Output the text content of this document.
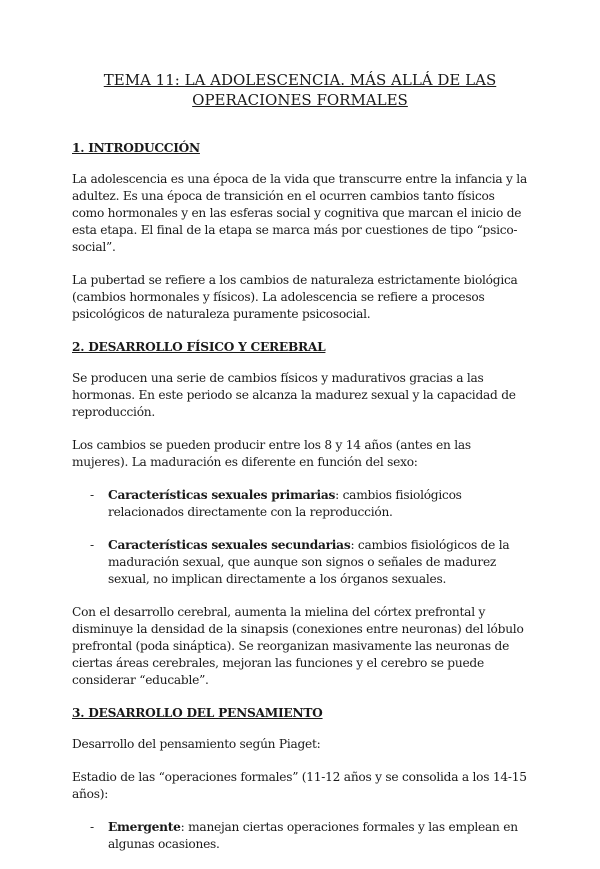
TEMA 11: LA ADOLESCENCIA. MÁS ALLÁ DE LAS
OPERACIONES FORMALES
1. INTRODUCCIÓN

La adolescencia es una época de la vida que transcurre entre la infancia y la adultez. Es una época de transición en el ocurren cambios tanto físicos como hormonales y en las esferas social y cognitiva que marcan el inicio de esta etapa. El final de la etapa se marca más por cuestiones de tipo “psico-social”.

La pubertad se refiere a los cambios de naturaleza estrictamente biológica (cambios hormonales y físicos). La adolescencia se refiere a procesos psicológicos de naturaleza puramente psicosocial.

2. DESARROLLO FÍSICO Y CEREBRAL

Se producen una serie de cambios físicos y madurativos gracias a las hormonas. En este periodo se alcanza la madurez sexual y la capacidad de reproducción.

Los cambios se pueden producir entre los 8 y 14 años (antes en las mujeres). La maduración es diferente en función del sexo:

- Características sexuales primarias: cambios fisiológicos relacionados directamente con la reproducción.
- Características sexuales secundarias: cambios fisiológicos de la maduración sexual, que aunque son signos o señales de madurez sexual, no implican directamente a los órganos sexuales.

Con el desarrollo cerebral, aumenta la mielina del córtex prefrontal y disminuye la densidad de la sinapsis (conexiones entre neuronas) del lóbulo prefrontal (poda sináptica). Se reorganizan masivamente las neuronas de ciertas áreas cerebrales, mejoran las funciones y el cerebro se puede considerar “educable”.

3. DESARROLLO DEL PENSAMIENTO

Desarrollo del pensamiento según Piaget:

Estadio de las “operaciones formales” (11-12 años y se consolida a los 14-15 años):

- Emergente: manejan ciertas operaciones formales y las emplean en algunas ocasiones.
